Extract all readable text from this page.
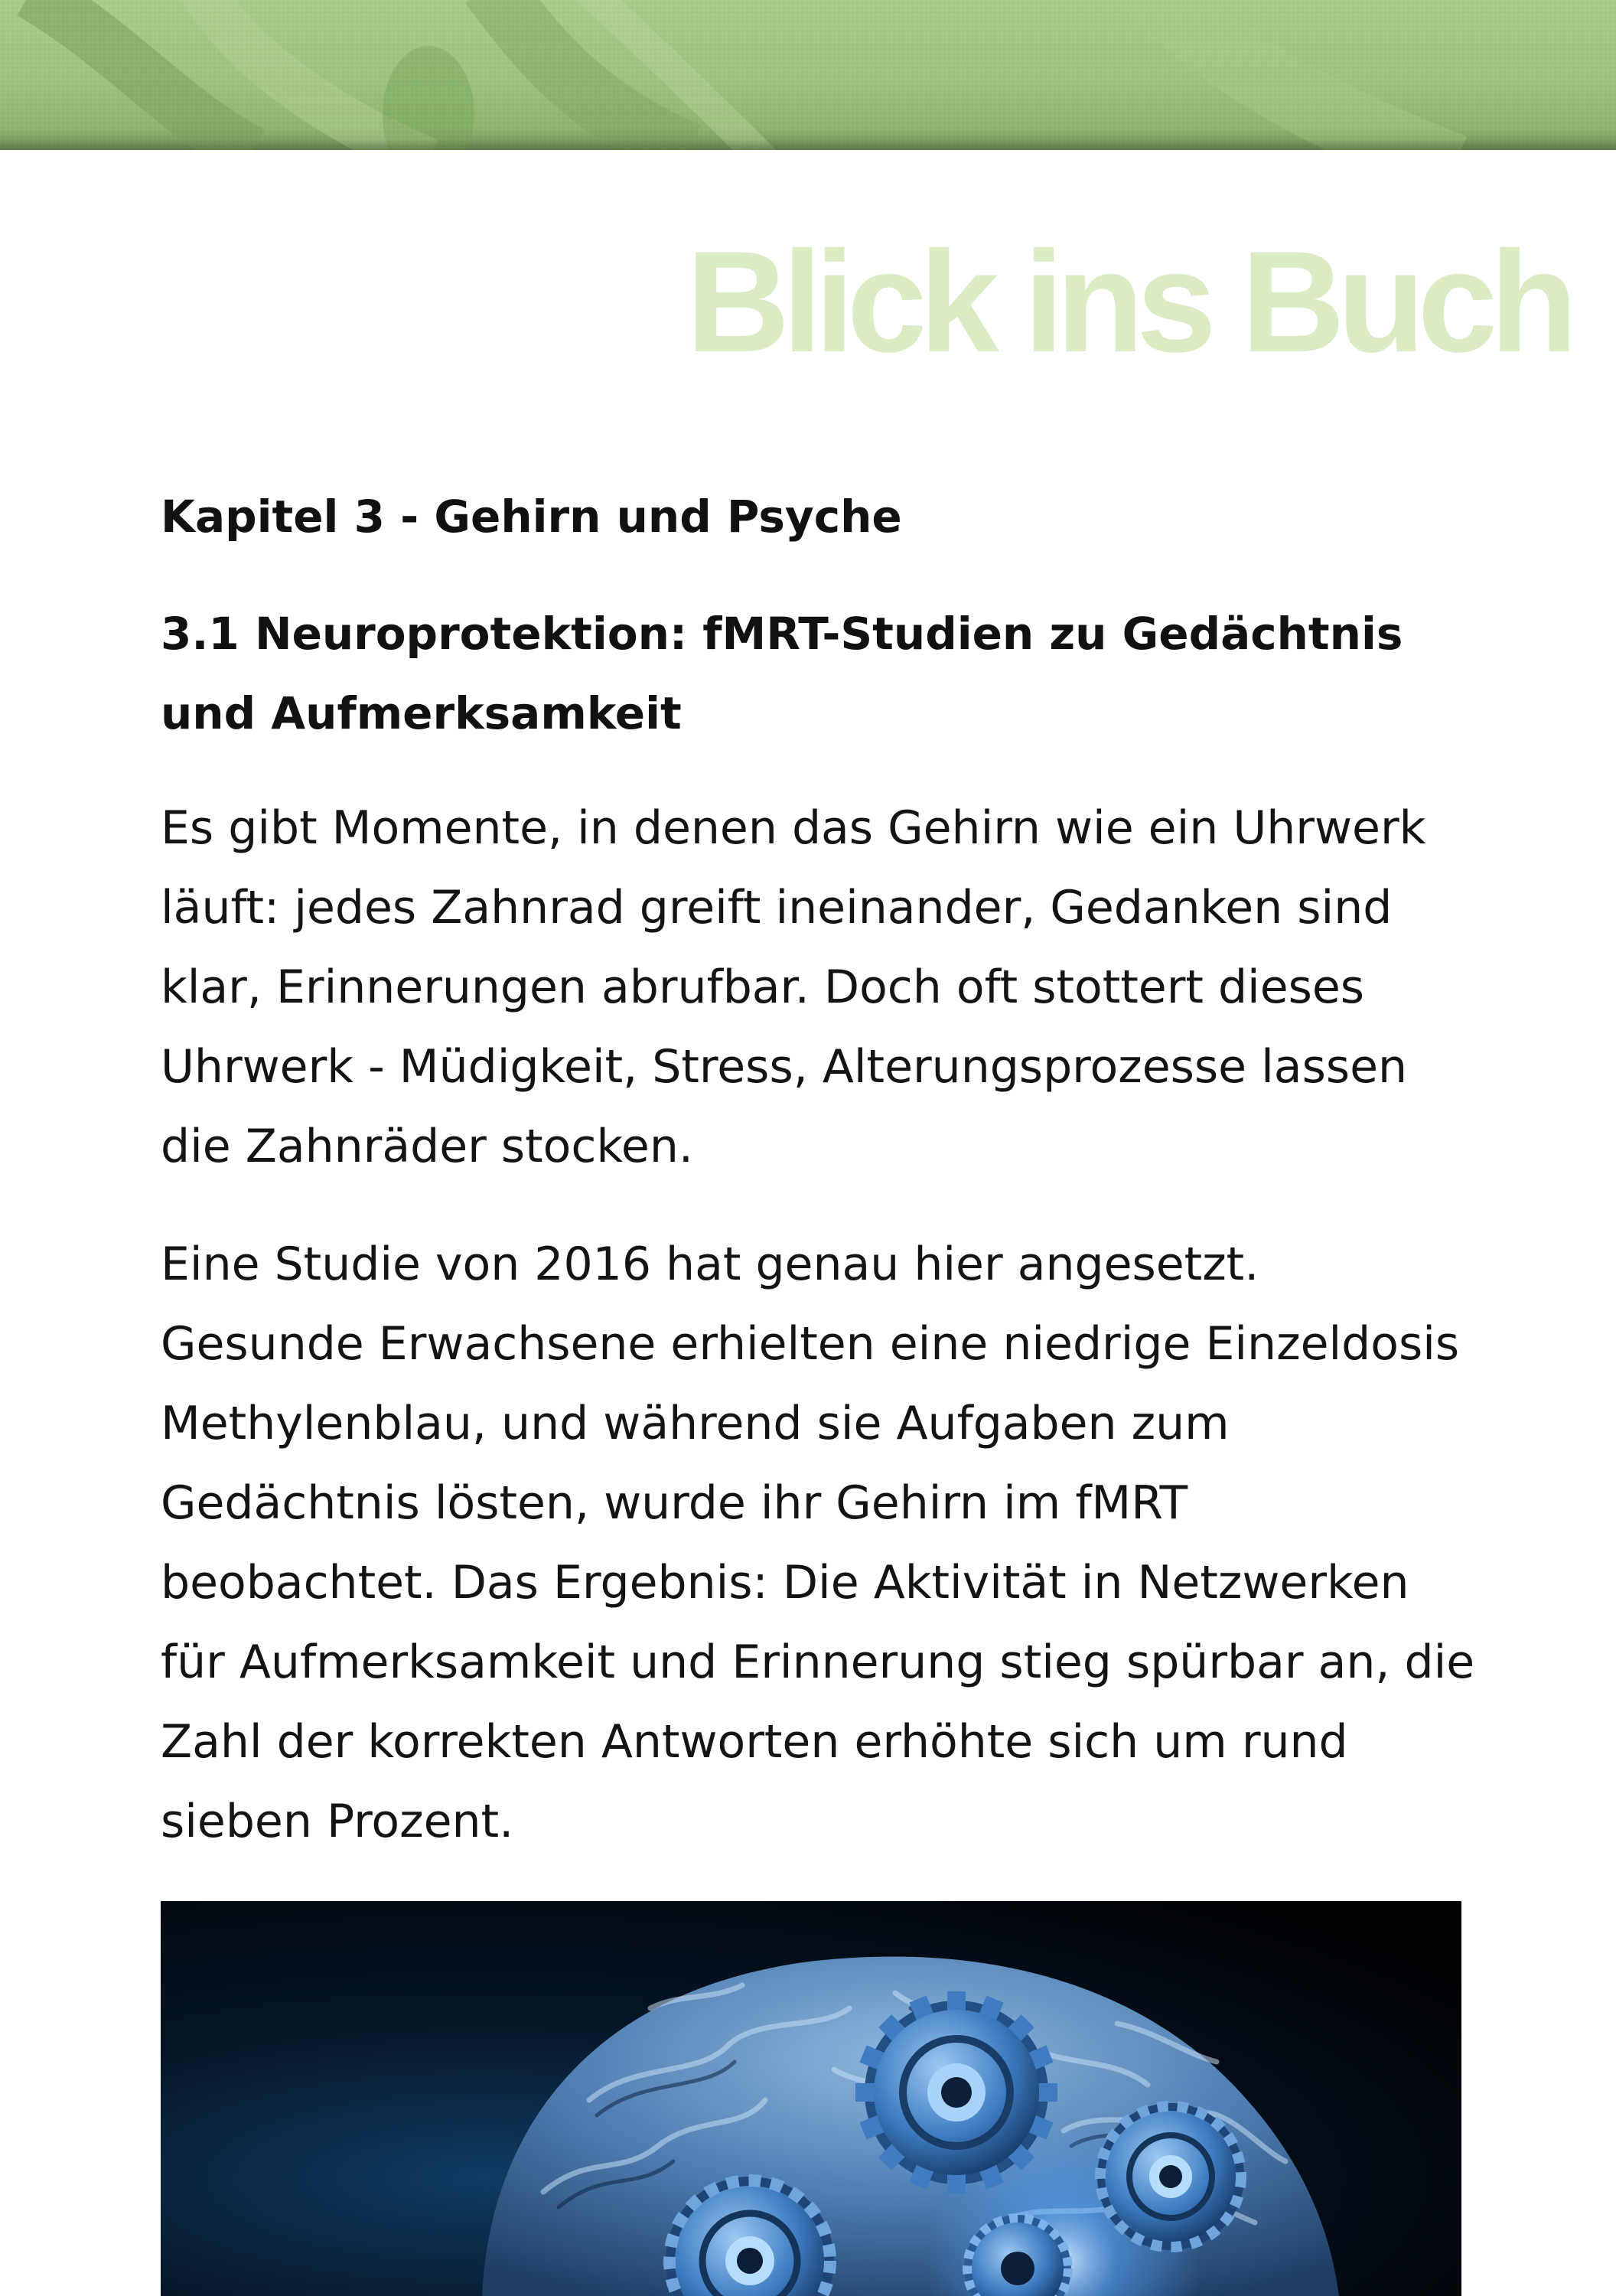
Blick ins Buch
Kapitel 3 - Gehirn und Psyche
3.1 Neuroprotektion: fMRT-Studien zu Gedächtnis und Aufmerksamkeit

Es gibt Momente, in denen das Gehirn wie ein Uhrwerk läuft: jedes Zahnrad greift ineinander, Gedanken sind klar, Erinnerungen abrufbar. Doch oft stottert dieses Uhrwerk - Müdigkeit, Stress, Alterungsprozesse lassen die Zahnräder stocken.

Eine Studie von 2016 hat genau hier angesetzt. Gesunde Erwachsene erhielten eine niedrige Einzeldosis Methylenblau, und während sie Aufgaben zum Gedächtnis lösten, wurde ihr Gehirn im fMRT beobachtet. Das Ergebnis: Die Aktivität in Netzwerken für Aufmerksamkeit und Erinnerung stieg spürbar an, die Zahl der korrekten Antworten erhöhte sich um rund sieben Prozent.
